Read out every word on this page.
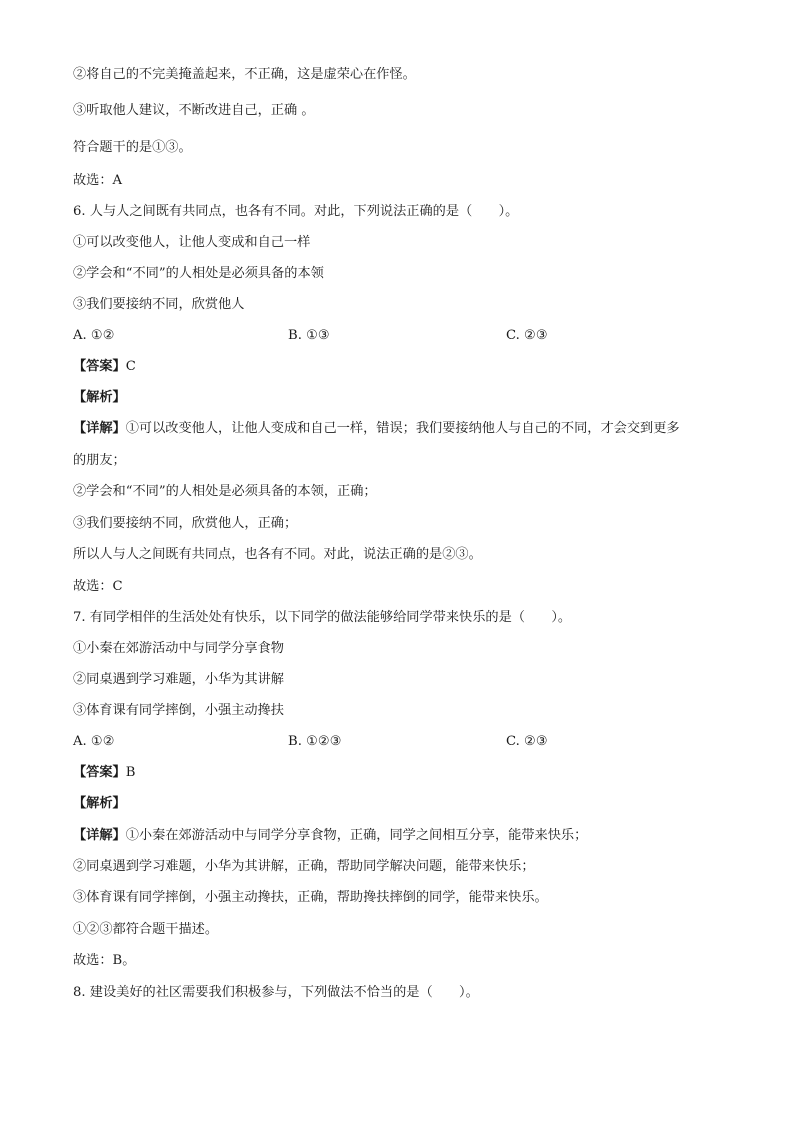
②将自己的不完美掩盖起来，不正确，这是虚荣心在作怪。
③听取他人建议，不断改进自己，正确 。
符合题干的是①③。
故选：A
6. 人与人之间既有共同点，也各有不同。对此，下列说法正确的是（　　）。
①可以改变他人，让他人变成和自己一样
②学会和“不同”的人相处是必须具备的本领
③我们要接纳不同，欣赏他人
A. ①②	B. ①③	C. ②③
【答案】C
【解析】
【详解】①可以改变他人，让他人变成和自己一样，错误；我们要接纳他人与自己的不同，才会交到更多
的朋友；
②学会和“不同”的人相处是必须具备的本领，正确；
③我们要接纳不同，欣赏他人，正确；
所以人与人之间既有共同点，也各有不同。对此，说法正确的是②③。
故选：C
7. 有同学相伴的生活处处有快乐，以下同学的做法能够给同学带来快乐的是（　　）。
①小秦在郊游活动中与同学分享食物
②同桌遇到学习难题，小华为其讲解
③体育课有同学摔倒，小强主动搀扶
A. ①②	B. ①②③	C. ②③
【答案】B
【解析】
【详解】①小秦在郊游活动中与同学分享食物，正确，同学之间相互分享，能带来快乐；
②同桌遇到学习难题，小华为其讲解，正确，帮助同学解决问题，能带来快乐；
③体育课有同学摔倒，小强主动搀扶，正确，帮助搀扶摔倒的同学，能带来快乐。
①②③都符合题干描述。
故选：B。
8. 建设美好的社区需要我们积极参与，下列做法不恰当的是（　　）。
